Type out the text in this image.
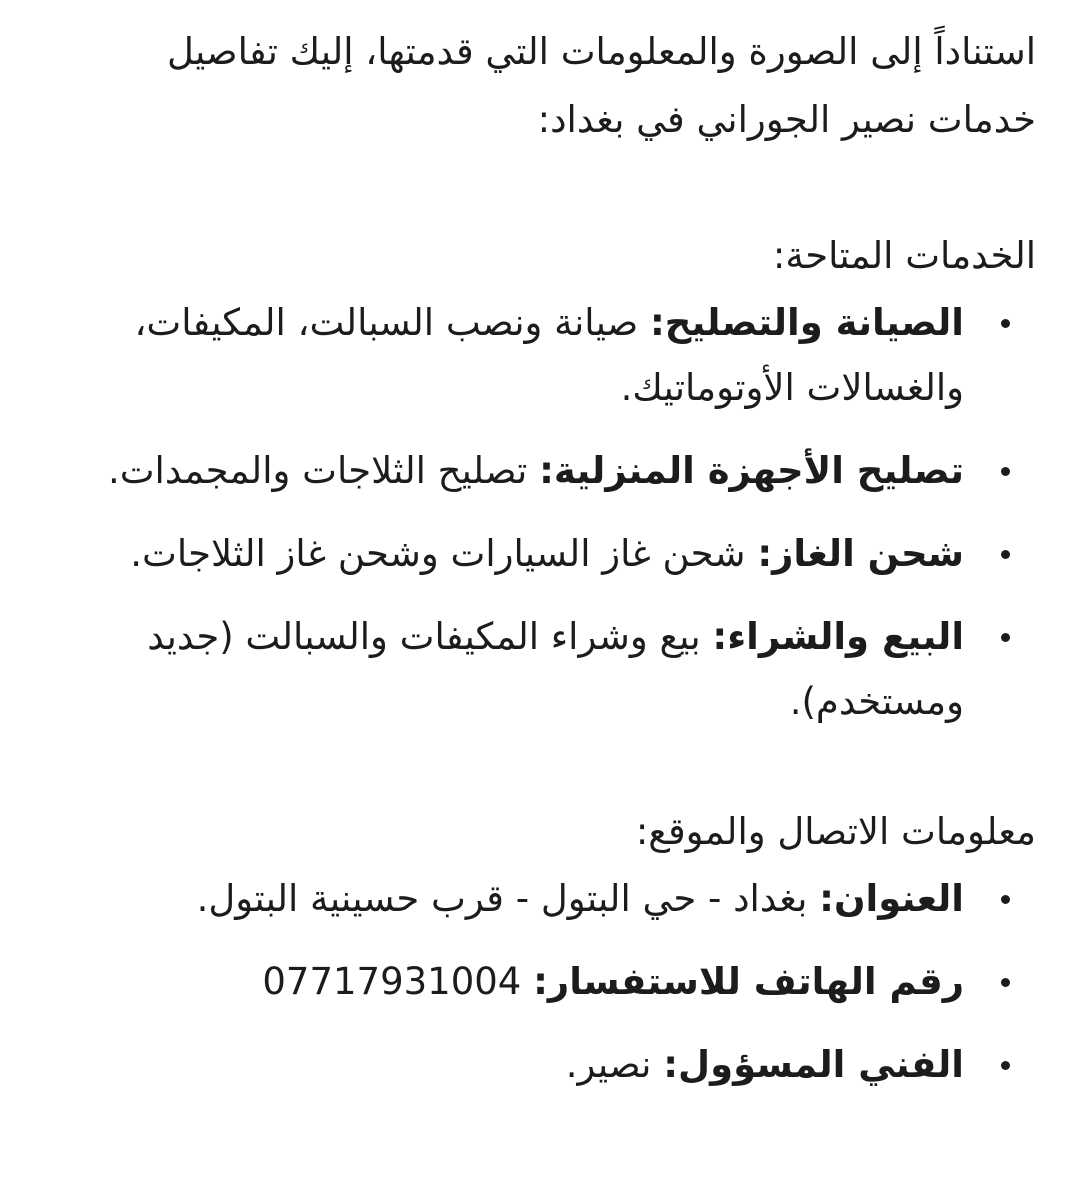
استناداً إلى الصورة والمعلومات التي قدمتها، إليك تفاصيل خدمات نصير الجوراني في بغداد:

الخدمات المتاحة:

الصيانة والتصليح: صيانة ونصب السبالت، المكيفات، والغسالات الأوتوماتيك.
تصليح الأجهزة المنزلية: تصليح الثلاجات والمجمدات.
شحن الغاز: شحن غاز السيارات وشحن غاز الثلاجات.
البيع والشراء: بيع وشراء المكيفات والسبالت (جديد ومستخدم).

معلومات الاتصال والموقع:

العنوان: بغداد - حي البتول - قرب حسينية البتول.
رقم الهاتف للاستفسار: 07717931004
الفني المسؤول: نصير.
